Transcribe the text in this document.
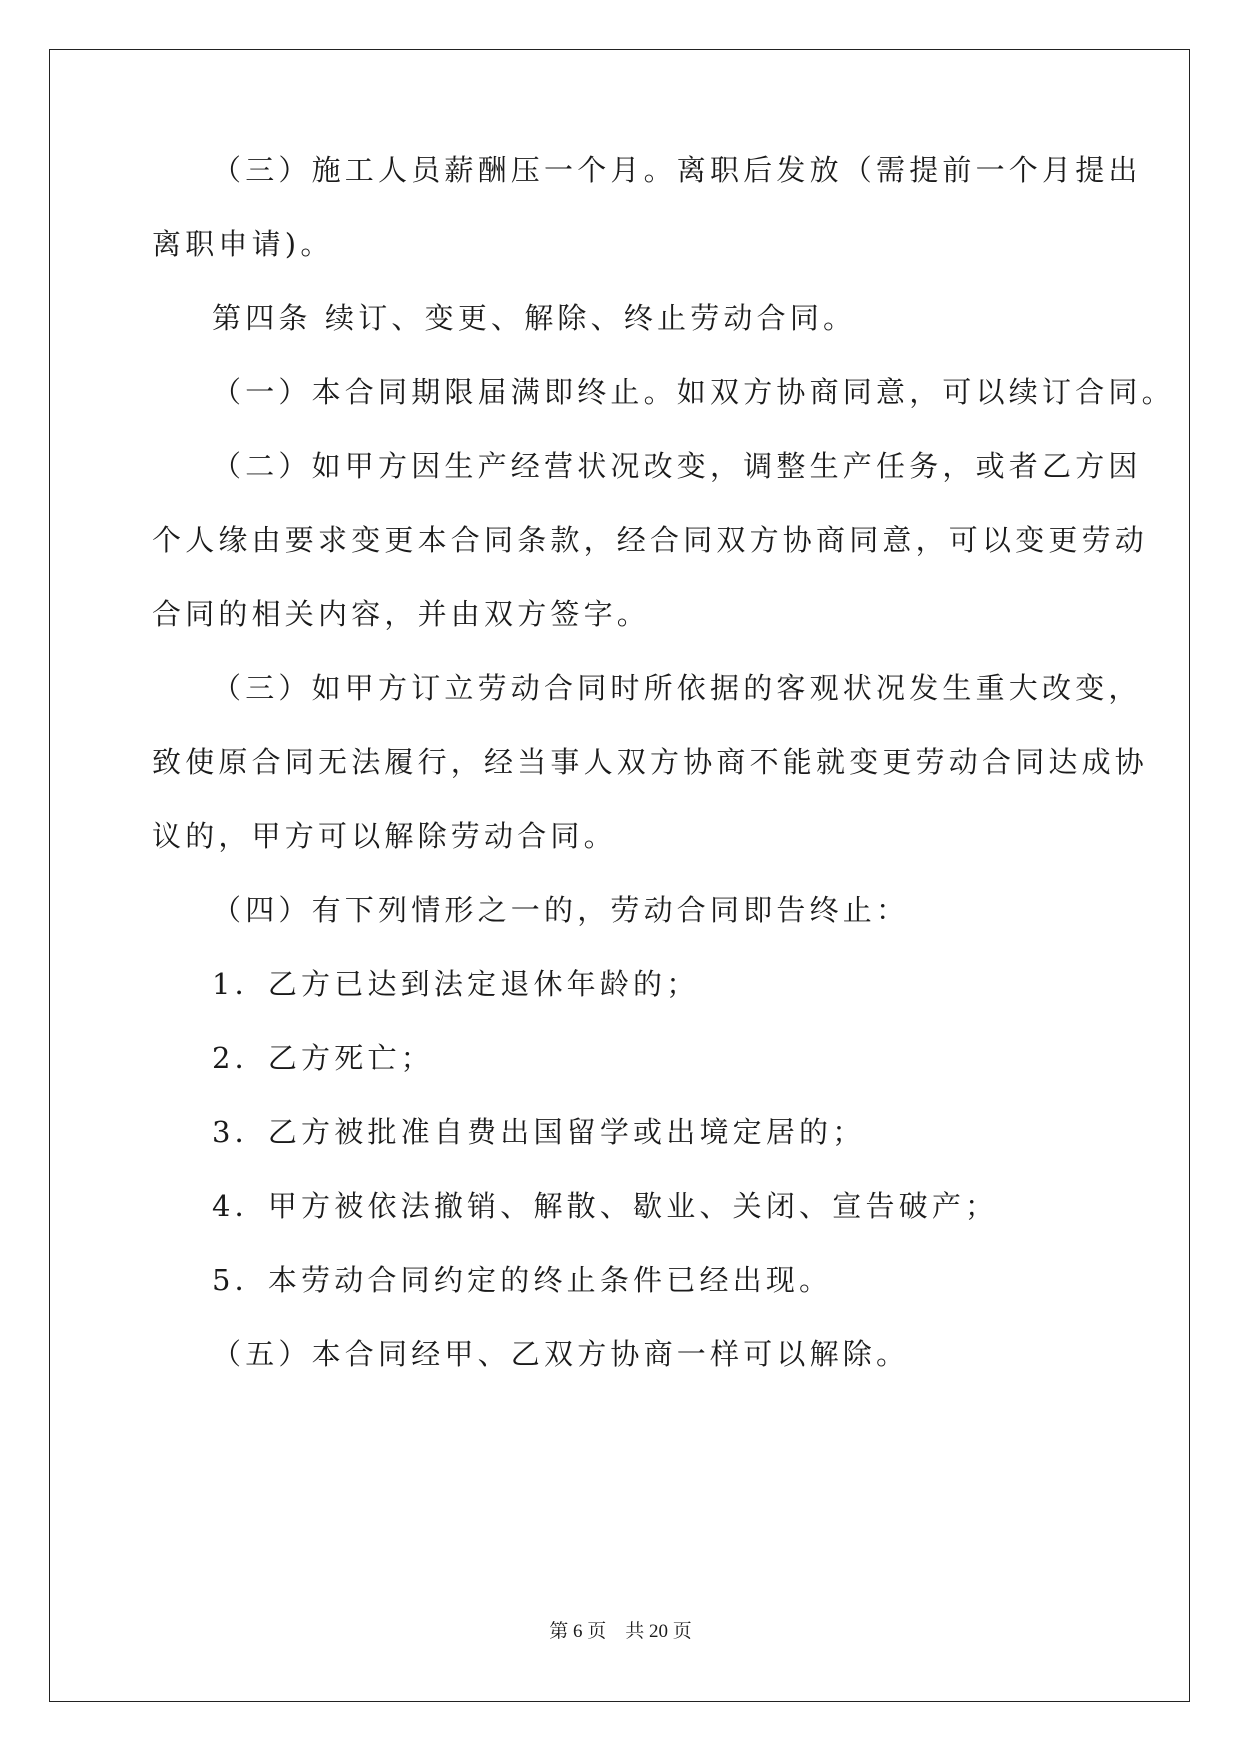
（三）施工人员薪酬压一个月。离职后发放（需提前一个月提出
离职申请)。
第四条 续订、变更、解除、终止劳动合同。
（一）本合同期限届满即终止。如双方协商同意，可以续订合同。
（二）如甲方因生产经营状况改变，调整生产任务，或者乙方因
个人缘由要求变更本合同条款，经合同双方协商同意，可以变更劳动
合同的相关内容，并由双方签字。
（三）如甲方订立劳动合同时所依据的客观状况发生重大改变，
致使原合同无法履行，经当事人双方协商不能就变更劳动合同达成协
议的，甲方可以解除劳动合同。
（四）有下列情形之一的，劳动合同即告终止：
1．乙方已达到法定退休年龄的；
2．乙方死亡；
3．乙方被批准自费出国留学或出境定居的；
4．甲方被依法撤销、解散、歇业、关闭、宣告破产；
5．本劳动合同约定的终止条件已经出现。
（五）本合同经甲、乙双方协商一样可以解除。
第 6 页    共 20 页
